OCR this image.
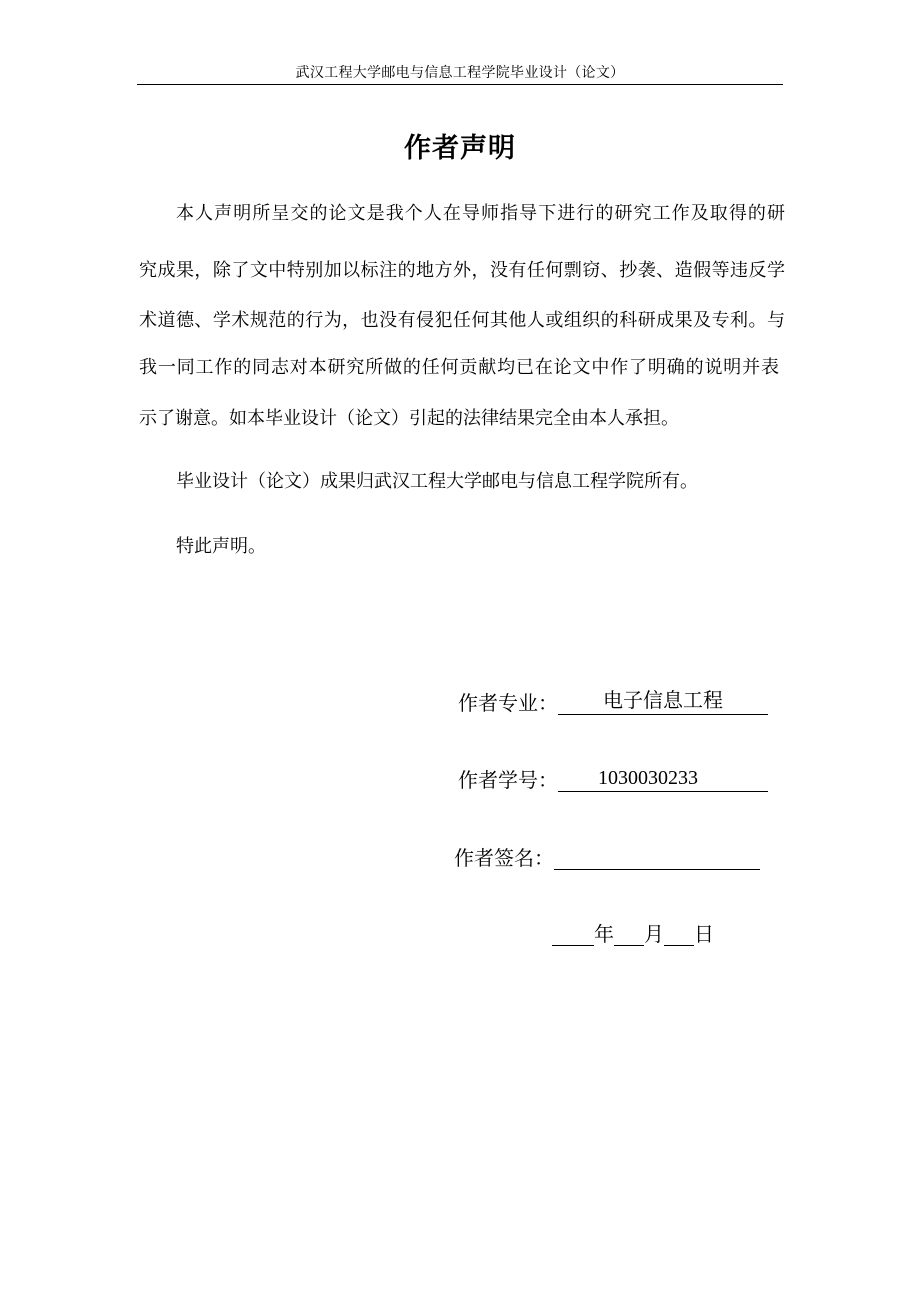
武汉工程大学邮电与信息工程学院毕业设计（论文）
作者声明
本人声明所呈交的论文是我个人在导师指导下进行的研究工作及取得的研
究成果，除了文中特别加以标注的地方外，没有任何剽窃、抄袭、造假等违反学
术道德、学术规范的行为，也没有侵犯任何其他人或组织的科研成果及专利。与
我一同工作的同志对本研究所做的任何贡献均已在论文中作了明确的说明并表
示了谢意。如本毕业设计（论文）引起的法律结果完全由本人承担。
毕业设计（论文）成果归武汉工程大学邮电与信息工程学院所有。
特此声明。
作者专业： 电子信息工程
作者学号： 1030030233
作者签名：
年 月 日
